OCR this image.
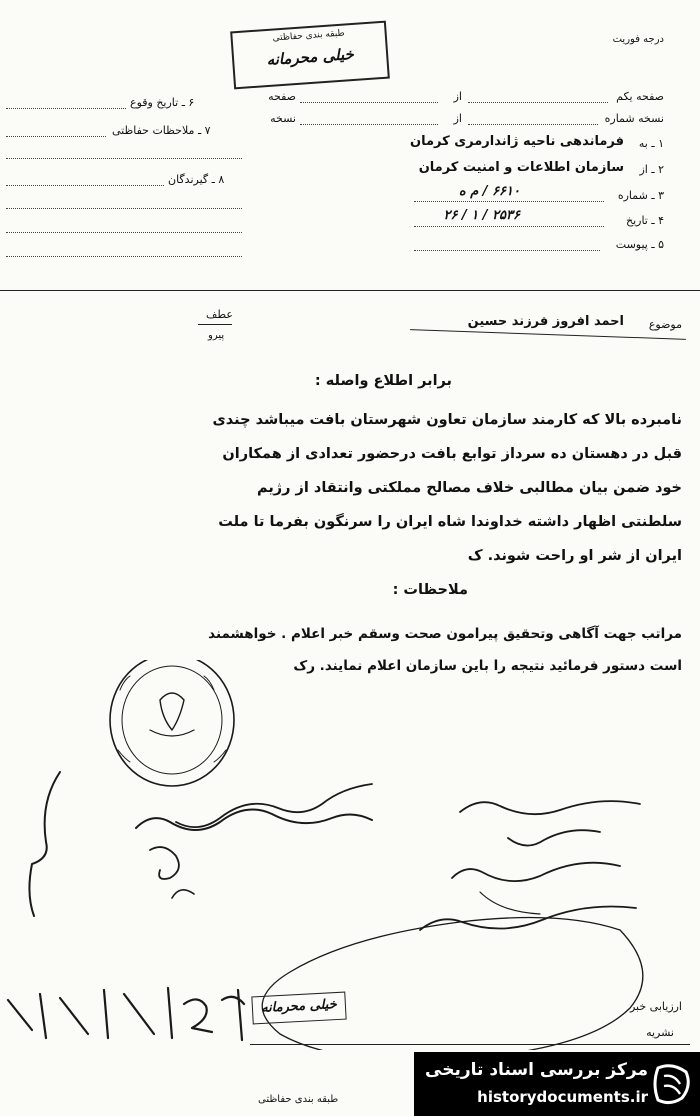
درجه فوریت
طبقه بندی حفاظتی
خیلی محرمانه
صفحه یکم
از
صفحه
نسخه شماره
از
نسخه
۱ ـ به
فرماندهی ناحیه ژاندارمری کرمان
۲ ـ از
سازمان اطلاعات و امنیت کرمان
۳ ـ شماره
۶۶۱۰ / م ه
۴ ـ تاریخ
۲۶ / ۱ / ۲۵۳۶
۵ ـ پیوست
۶ ـ تاریخ وقوع
۷ ـ ملاحظات حفاظتی
۸ ـ گیرندگان
موضوع
احمد افروز فرزند حسین
عطف
پیرو
برابر اطلاع واصله :
نامبرده بالا که کارمند سازمان تعاون شهرستان بافت میباشد چندی
قبل در دهستان ده سرداز توابع بافت درحضور تعدادی از همکاران
خود ضمن بیان مطالبی خلاف مصالح مملکتی وانتقاد از رژیم
سلطنتی اظهار داشته خداوندا شاه ایران را سرنگون بفرما تا ملت
ایران از شر او راحت شوند. ک
ملاحظات :
مراتب جهت آگاهی وتحقیق پیرامون صحت وسقم خبر اعلام . خواهشمند
است دستور فرمائید نتیجه را باین سازمان اعلام نمایند. رک
ارزیابی خبر
نشریه
خیلی محرمانه
طبقه بندی حفاظتی
مرکز بررسی اسناد تاریخی
historydocuments.ir
